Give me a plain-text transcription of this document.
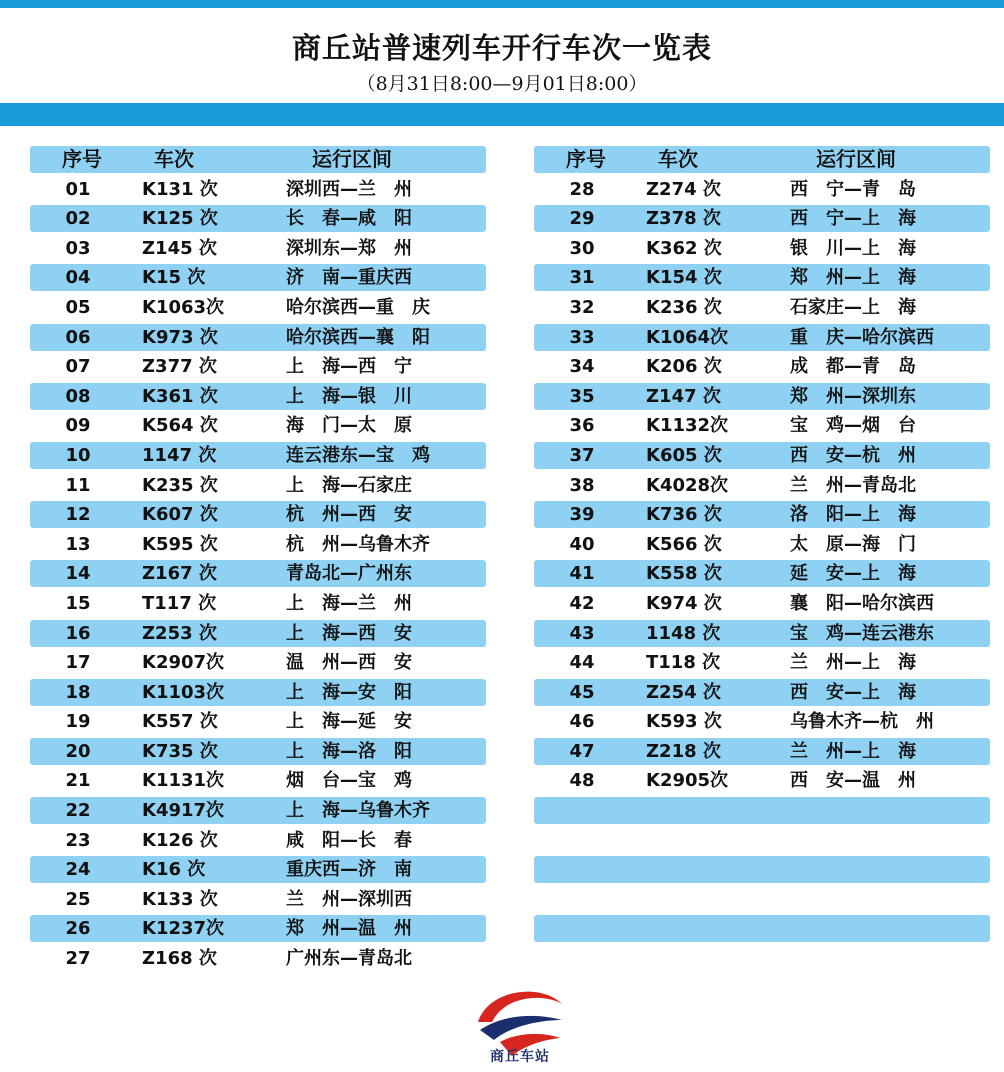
商丘站普速列车开行车次一览表
（8月31日8:00—9月01日8:00）
序号	车次	运行区间
01	K131 次	深圳西—兰　州
02	K125 次	长　春—咸　阳
03	Z145 次	深圳东—郑　州
04	K15 次	济　南—重庆西
05	K1063次	哈尔滨西—重　庆
06	K973 次	哈尔滨西—襄　阳
07	Z377 次	上　海—西　宁
08	K361 次	上　海—银　川
09	K564 次	海　门—太　原
10	1147 次	连云港东—宝　鸡
11	K235 次	上　海—石家庄
12	K607 次	杭　州—西　安
13	K595 次	杭　州—乌鲁木齐
14	Z167 次	青岛北—广州东
15	T117 次	上　海—兰　州
16	Z253 次	上　海—西　安
17	K2907次	温　州—西　安
18	K1103次	上　海—安　阳
19	K557 次	上　海—延　安
20	K735 次	上　海—洛　阳
21	K1131次	烟　台—宝　鸡
22	K4917次	上　海—乌鲁木齐
23	K126 次	咸　阳—长　春
24	K16 次	重庆西—济　南
25	K133 次	兰　州—深圳西
26	K1237次	郑　州—温　州
27	Z168 次	广州东—青岛北
序号	车次	运行区间
28	Z274 次	西　宁—青　岛
29	Z378 次	西　宁—上　海
30	K362 次	银　川—上　海
31	K154 次	郑　州—上　海
32	K236 次	石家庄—上　海
33	K1064次	重　庆—哈尔滨西
34	K206 次	成　都—青　岛
35	Z147 次	郑　州—深圳东
36	K1132次	宝　鸡—烟　台
37	K605 次	西　安—杭　州
38	K4028次	兰　州—青岛北
39	K736 次	洛　阳—上　海
40	K566 次	太　原—海　门
41	K558 次	延　安—上　海
42	K974 次	襄　阳—哈尔滨西
43	1148 次	宝　鸡—连云港东
44	T118 次	兰　州—上　海
45	Z254 次	西　安—上　海
46	K593 次	乌鲁木齐—杭　州
47	Z218 次	兰　州—上　海
48	K2905次	西　安—温　州
商丘车站
